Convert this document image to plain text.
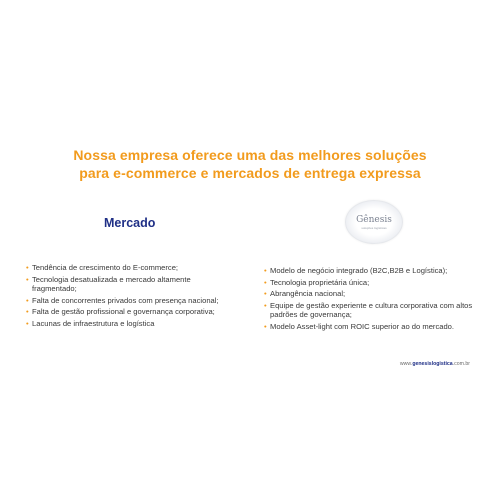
Nossa empresa oferece uma das melhores soluções
para e-commerce e mercados de entrega expressa
Mercado	Gênesis
soluções logísticas
• Tendência de crescimento do E-commerce;
• Tecnologia desatualizada e mercado altamente fragmentado;
• Falta de concorrentes privados com presença nacional;
• Falta de gestão profissional e governança corporativa;
• Lacunas de infraestrutura e logística
• Modelo de negócio integrado (B2C,B2B e Logística);
• Tecnologia proprietária única;
• Abrangência nacional;
• Equipe de gestão experiente e cultura corporativa com altos padrões de governança;
• Modelo Asset-light com ROIC superior ao do mercado.
www.genesislogistica.com.br
